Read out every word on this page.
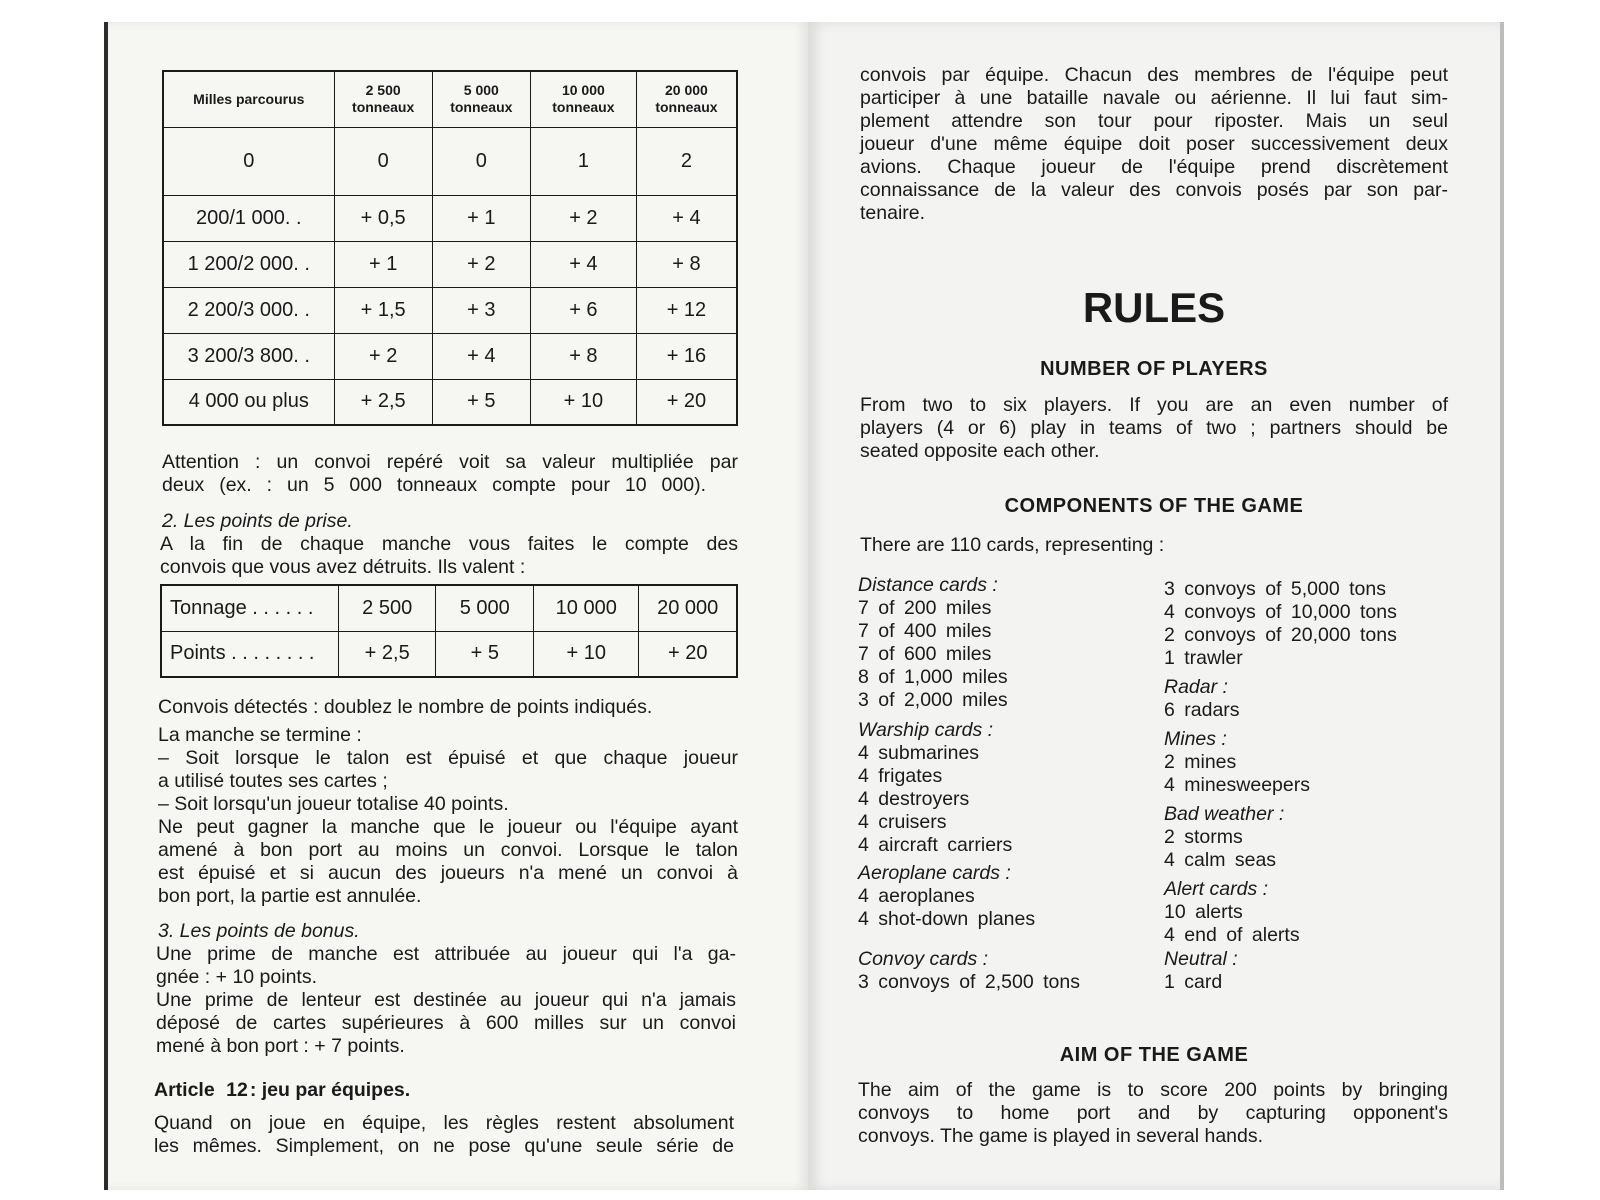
Milles parcourus	2 500 tonneaux	5 000 tonneaux	10 000 tonneaux	20 000 tonneaux
0	0	0	1	2
200/1 000. .	+ 0,5	+ 1	+ 2	+ 4
1 200/2 000. .	+ 1	+ 2	+ 4	+ 8
2 200/3 000. .	+ 1,5	+ 3	+ 6	+ 12
3 200/3 800. .	+ 2	+ 4	+ 8	+ 16
4 000 ou plus	+ 2,5	+ 5	+ 10	+ 20
Attention : un convoi repéré voit sa valeur multipliée par
deux (ex. : un 5 000 tonneaux compte pour 10 000).
2. Les points de prise.
A la fin de chaque manche vous faites le compte des
convois que vous avez détruits. Ils valent :
Tonnage . . . . . .	2 500	5 000	10 000	20 000
Points . . . . . . . .	+ 2,5	+ 5	+ 10	+ 20
Convois détectés : doublez le nombre de points indiqués.
La manche se termine :
– Soit lorsque le talon est épuisé et que chaque joueur
a utilisé toutes ses cartes ;
– Soit lorsqu'un joueur totalise 40 points.
Ne peut gagner la manche que le joueur ou l'équipe ayant
amené à bon port au moins un convoi. Lorsque le talon
est épuisé et si aucun des joueurs n'a mené un convoi à
bon port, la partie est annulée.
3. Les points de bonus.
Une prime de manche est attribuée au joueur qui l'a ga-
gnée : + 10 points.
Une prime de lenteur est destinée au joueur qui n'a jamais
déposé de cartes supérieures à 600 milles sur un convoi
mené à bon port : + 7 points.
Article 12 : jeu par équipes.
Quand on joue en équipe, les règles restent absolument
les mêmes. Simplement, on ne pose qu'une seule série de
convois par équipe. Chacun des membres de l'équipe peut
participer à une bataille navale ou aérienne. Il lui faut sim-
plement attendre son tour pour riposter. Mais un seul
joueur d'une même équipe doit poser successivement deux
avions. Chaque joueur de l'équipe prend discrètement
connaissance de la valeur des convois posés par son par-
tenaire.
RULES
NUMBER OF PLAYERS
From two to six players. If you are an even number of
players (4 or 6) play in teams of two ; partners should be
seated opposite each other.
COMPONENTS OF THE GAME
There are 110 cards, representing :
Distance cards :
7 of 200 miles
7 of 400 miles
7 of 600 miles
8 of 1,000 miles
3 of 2,000 miles
Warship cards :
4 submarines
4 frigates
4 destroyers
4 cruisers
4 aircraft carriers
Aeroplane cards :
4 aeroplanes
4 shot-down planes
Convoy cards :
3 convoys of 2,500 tons
3 convoys of 5,000 tons
4 convoys of 10,000 tons
2 convoys of 20,000 tons
1 trawler
Radar :
6 radars
Mines :
2 mines
4 minesweepers
Bad weather :
2 storms
4 calm seas
Alert cards :
10 alerts
4 end of alerts
Neutral :
1 card
AIM OF THE GAME
The aim of the game is to score 200 points by bringing
convoys to home port and by capturing opponent's
convoys. The game is played in several hands.
